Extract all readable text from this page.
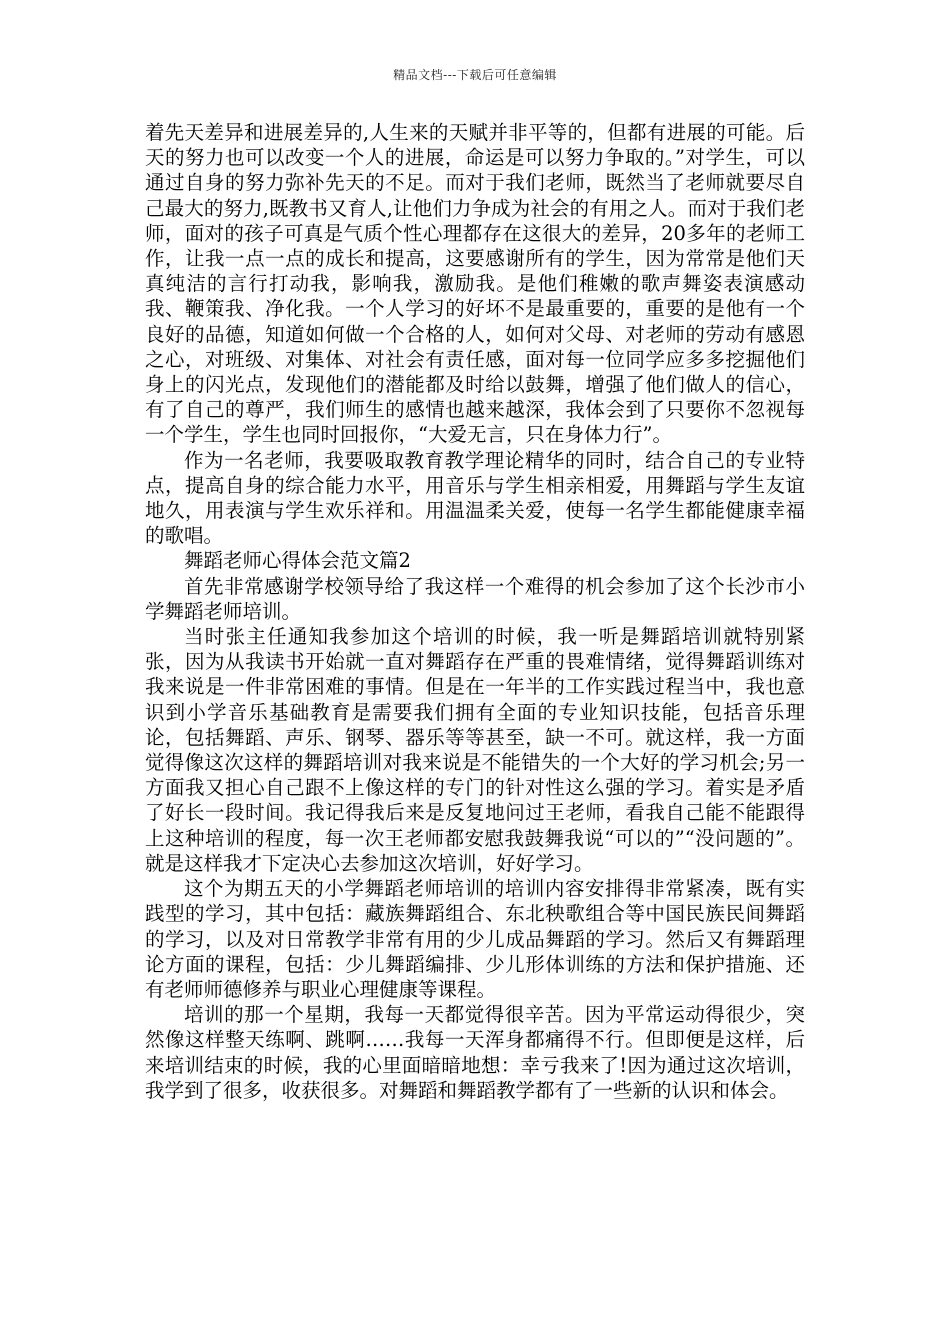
精品文档---下载后可任意编辑

着先天差异和进展差异的,人生来的天赋并非平等的，但都有进展的可能。后天的努力也可以改变一个人的进展，命运是可以努力争取的。”对学生，可以通过自身的努力弥补先天的不足。而对于我们老师，既然当了老师就要尽自己最大的努力,既教书又育人,让他们力争成为社会的有用之人。而对于我们老师，面对的孩子可真是气质个性心理都存在这很大的差异，20多年的老师工作，让我一点一点的成长和提高，这要感谢所有的学生，因为常常是他们天真纯洁的言行打动我，影响我，激励我。是他们稚嫩的歌声舞姿表演感动我、鞭策我、净化我。一个人学习的好坏不是最重要的，重要的是他有一个良好的品德，知道如何做一个合格的人，如何对父母、对老师的劳动有感恩之心，对班级、对集体、对社会有责任感，面对每一位同学应多多挖掘他们身上的闪光点，发现他们的潜能都及时给以鼓舞，增强了他们做人的信心，有了自己的尊严，我们师生的感情也越来越深，我体会到了只要你不忽视每一个学生，学生也同时回报你，“大爱无言，只在身体力行”。

作为一名老师，我要吸取教育教学理论精华的同时，结合自己的专业特点，提高自身的综合能力水平，用音乐与学生相亲相爱，用舞蹈与学生友谊地久，用表演与学生欢乐祥和。用温温柔关爱，使每一名学生都能健康幸福的歌唱。

舞蹈老师心得体会范文篇2

首先非常感谢学校领导给了我这样一个难得的机会参加了这个长沙市小学舞蹈老师培训。

当时张主任通知我参加这个培训的时候，我一听是舞蹈培训就特别紧张，因为从我读书开始就一直对舞蹈存在严重的畏难情绪，觉得舞蹈训练对我来说是一件非常困难的事情。但是在一年半的工作实践过程当中，我也意识到小学音乐基础教育是需要我们拥有全面的专业知识技能，包括音乐理论，包括舞蹈、声乐、钢琴、器乐等等甚至，缺一不可。就这样，我一方面觉得像这次这样的舞蹈培训对我来说是不能错失的一个大好的学习机会;另一方面我又担心自己跟不上像这样的专门的针对性这么强的学习。着实是矛盾了好长一段时间。我记得我后来是反复地问过王老师，看我自己能不能跟得上这种培训的程度，每一次王老师都安慰我鼓舞我说“可以的”“没问题的”。就是这样我才下定决心去参加这次培训，好好学习。

这个为期五天的小学舞蹈老师培训的培训内容安排得非常紧凑，既有实践型的学习，其中包括：藏族舞蹈组合、东北秧歌组合等中国民族民间舞蹈的学习，以及对日常教学非常有用的少儿成品舞蹈的学习。然后又有舞蹈理论方面的课程，包括：少儿舞蹈编排、少儿形体训练的方法和保护措施、还有老师师德修养与职业心理健康等课程。

培训的那一个星期，我每一天都觉得很辛苦。因为平常运动得很少，突然像这样整天练啊、跳啊……我每一天浑身都痛得不行。但即便是这样，后来培训结束的时候，我的心里面暗暗地想：幸亏我来了!因为通过这次培训，我学到了很多，收获很多。对舞蹈和舞蹈教学都有了一些新的认识和体会。
